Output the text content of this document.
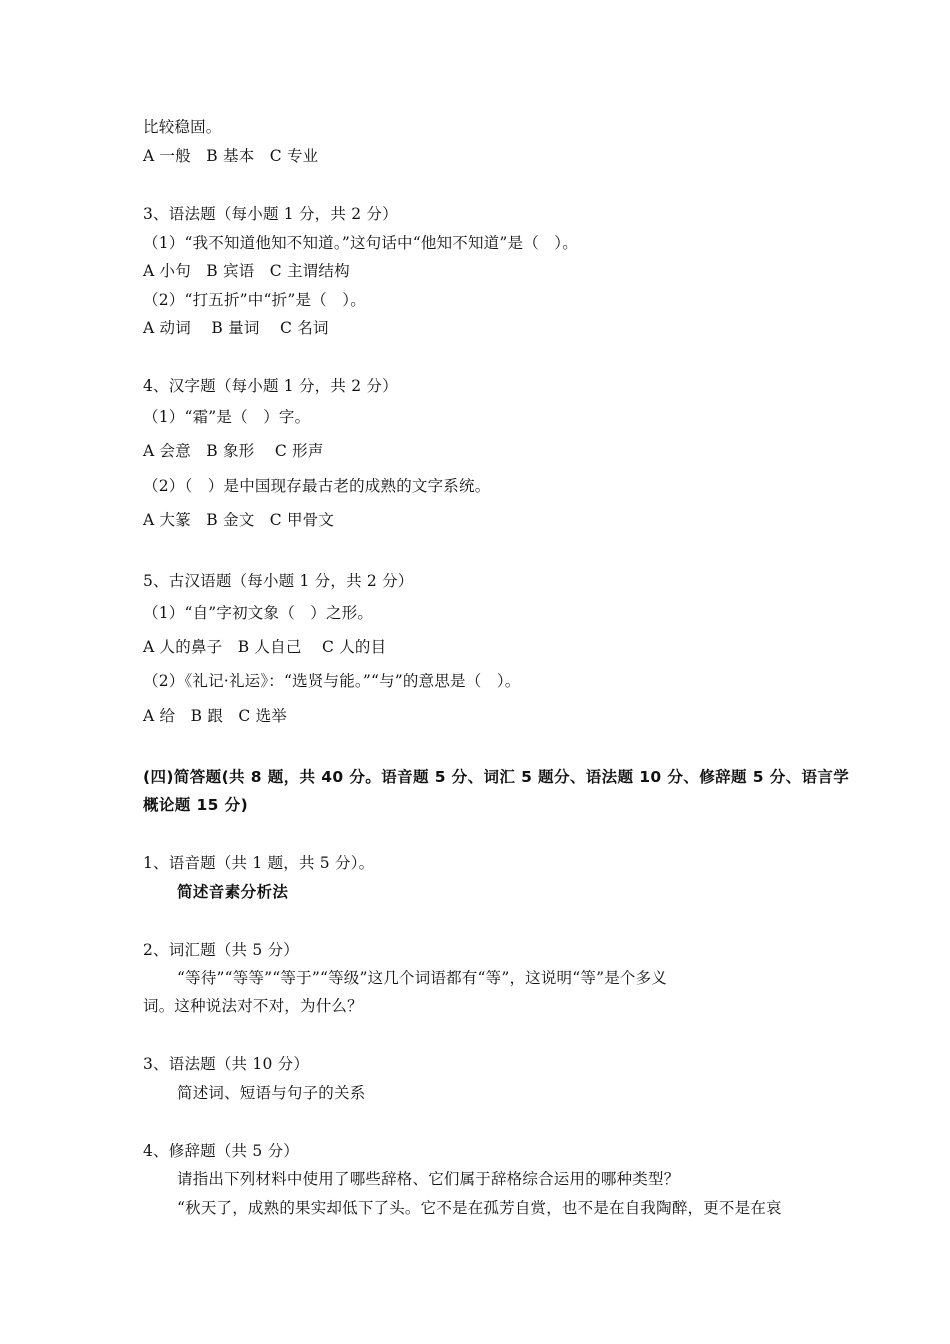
比较稳固。
A 一般   B 基本   C 专业
3、语法题（每小题 1 分，共 2 分）
（1）“我不知道他知不知道。”这句话中“他知不知道”是（   ）。
A 小句   B 宾语   C 主谓结构
（2）“打五折”中“折”是（   ）。
A 动词    B 量词    C 名词
4、汉字题（每小题 1 分，共 2 分）
（1）“霜”是（   ）字。
A 会意   B 象形    C 形声
（2）（   ）是中国现存最古老的成熟的文字系统。
A 大篆   B 金文   C 甲骨文
5、古汉语题（每小题 1 分，共 2 分）
（1）“自”字初文象（   ）之形。
A 人的鼻子   B 人自己    C 人的目
（2）《礼记·礼运》：“选贤与能。”“与”的意思是（   ）。
A 给   B 跟   C 选举
(四)简答题(共 8 题，共 40 分。语音题 5 分、词汇 5 题分、语法题 10 分、修辞题 5 分、语言学
概论题 15 分)
1、语音题（共 1 题，共 5 分）。
简述音素分析法
2、词汇题（共 5 分）
“等待”“等等”“等于”“等级”这几个词语都有“等”，这说明“等”是个多义
词。这种说法对不对，为什么？
3、语法题（共 10 分）
简述词、短语与句子的关系
4、修辞题（共 5 分）
请指出下列材料中使用了哪些辞格、它们属于辞格综合运用的哪种类型？
“秋天了，成熟的果实却低下了头。它不是在孤芳自赏，也不是在自我陶醉，更不是在哀
